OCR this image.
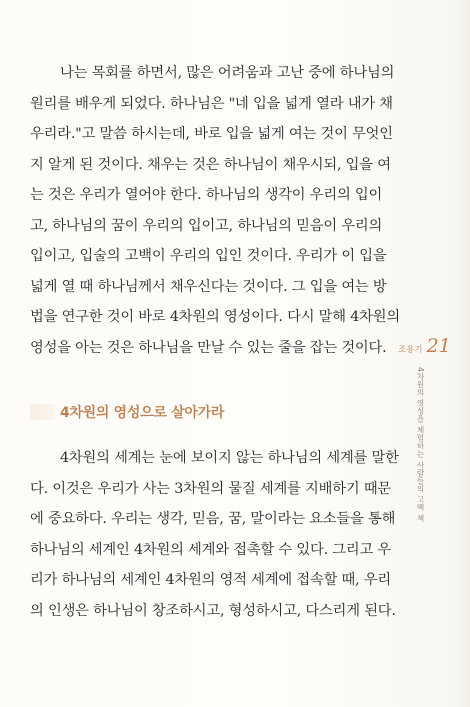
나는 목회를 하면서, 많은 어려움과 고난 중에 하나님의
원리를 배우게 되었다. 하나님은 "네 입을 넓게 열라 내가 채
우리라."고 말씀 하시는데, 바로 입을 넓게 여는 것이 무엇인
지 알게 된 것이다. 채우는 것은 하나님이 채우시되, 입을 여
는 것은 우리가 열어야 한다. 하나님의 생각이 우리의 입이
고, 하나님의 꿈이 우리의 입이고, 하나님의 믿음이 우리의
입이고, 입술의 고백이 우리의 입인 것이다. 우리가 이 입을
넓게 열 때 하나님께서 채우신다는 것이다. 그 입을 여는 방
법을 연구한 것이 바로 4차원의 영성이다. 다시 말해 4차원의
영성을 아는 것은 하나님을 만날 수 있는 줄을 잡는 것이다. 조용기 21
4차원의 영성을 체험하는 사람들의 고백 책
4차원의 영성으로 살아가라
4차원의 세계는 눈에 보이지 않는 하나님의 세계를 말한
다. 이것은 우리가 사는 3차원의 물질 세계를 지배하기 때문
에 중요하다. 우리는 생각, 믿음, 꿈, 말이라는 요소들을 통해
하나님의 세계인 4차원의 세계와 접촉할 수 있다. 그리고 우
리가 하나님의 세계인 4차원의 영적 세계에 접속할 때, 우리
의 인생은 하나님이 창조하시고, 형성하시고, 다스리게 된다.
